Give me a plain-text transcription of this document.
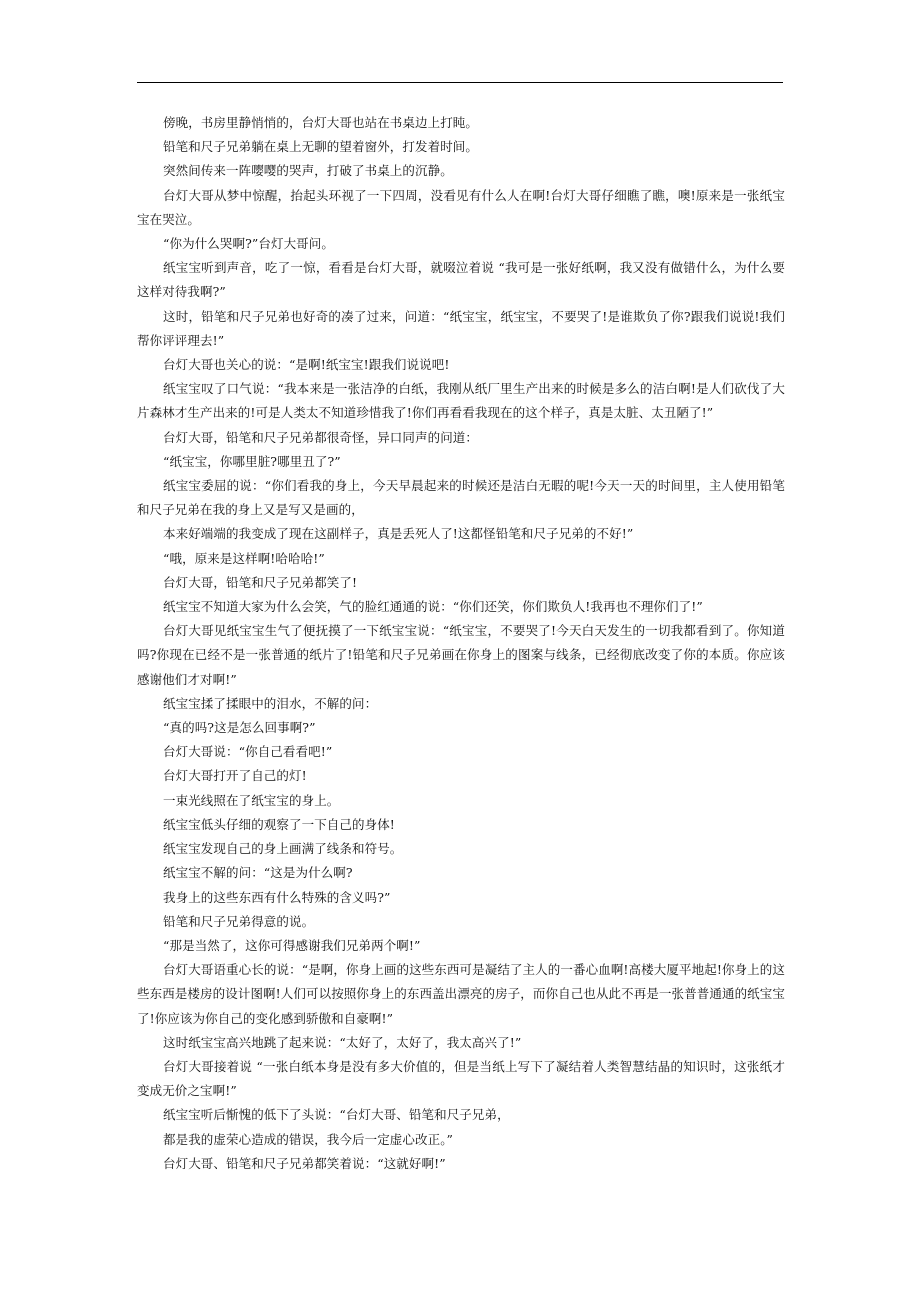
傍晚，书房里静悄悄的，台灯大哥也站在书桌边上打盹。

铅笔和尺子兄弟躺在桌上无聊的望着窗外，打发着时间。

突然间传来一阵嘤嘤的哭声，打破了书桌上的沉静。

台灯大哥从梦中惊醒，抬起头环视了一下四周，没看见有什么人在啊!台灯大哥仔细瞧了瞧，噢!原来是一张纸宝宝在哭泣。

“你为什么哭啊?”台灯大哥问。

纸宝宝听到声音，吃了一惊，看看是台灯大哥，就啜泣着说 “我可是一张好纸啊，我又没有做错什么，为什么要这样对待我啊?”

这时，铅笔和尺子兄弟也好奇的凑了过来，问道：“纸宝宝，纸宝宝，不要哭了!是谁欺负了你?跟我们说说!我们帮你评评理去!”

台灯大哥也关心的说：“是啊!纸宝宝!跟我们说说吧!

纸宝宝叹了口气说：“我本来是一张洁净的白纸，我刚从纸厂里生产出来的时候是多么的洁白啊!是人们砍伐了大片森林才生产出来的!可是人类太不知道珍惜我了!你们再看看我现在的这个样子，真是太脏、太丑陋了!”

台灯大哥，铅笔和尺子兄弟都很奇怪，异口同声的问道：

“纸宝宝，你哪里脏?哪里丑了?”

纸宝宝委屈的说：“你们看我的身上，今天早晨起来的时候还是洁白无暇的呢!今天一天的时间里，主人使用铅笔和尺子兄弟在我的身上又是写又是画的，

本来好端端的我变成了现在这副样子，真是丢死人了!这都怪铅笔和尺子兄弟的不好!”

“哦，原来是这样啊!哈哈哈!”

台灯大哥，铅笔和尺子兄弟都笑了!

纸宝宝不知道大家为什么会笑，气的脸红通通的说：“你们还笑，你们欺负人!我再也不理你们了!”

台灯大哥见纸宝宝生气了便抚摸了一下纸宝宝说：“纸宝宝，不要哭了!今天白天发生的一切我都看到了。你知道吗?你现在已经不是一张普通的纸片了!铅笔和尺子兄弟画在你身上的图案与线条，已经彻底改变了你的本质。你应该感谢他们才对啊!”

纸宝宝揉了揉眼中的泪水，不解的问：

“真的吗?这是怎么回事啊?”

台灯大哥说：“你自己看看吧!”

台灯大哥打开了自己的灯!

一束光线照在了纸宝宝的身上。

纸宝宝低头仔细的观察了一下自己的身体!

纸宝宝发现自己的身上画满了线条和符号。

纸宝宝不解的问：“这是为什么啊?

我身上的这些东西有什么特殊的含义吗?”

铅笔和尺子兄弟得意的说。

“那是当然了，这你可得感谢我们兄弟两个啊!”

台灯大哥语重心长的说：“是啊，你身上画的这些东西可是凝结了主人的一番心血啊!高楼大厦平地起!你身上的这些东西是楼房的设计图啊!人们可以按照你身上的东西盖出漂亮的房子，而你自己也从此不再是一张普普通通的纸宝宝了!你应该为你自己的变化感到骄傲和自豪啊!”

这时纸宝宝高兴地跳了起来说：“太好了，太好了，我太高兴了!”

台灯大哥接着说 “一张白纸本身是没有多大价值的，但是当纸上写下了凝结着人类智慧结晶的知识时，这张纸才变成无价之宝啊!”

纸宝宝听后惭愧的低下了头说：“台灯大哥、铅笔和尺子兄弟，

都是我的虚荣心造成的错误，我今后一定虚心改正。”

台灯大哥、铅笔和尺子兄弟都笑着说：“这就好啊!”
